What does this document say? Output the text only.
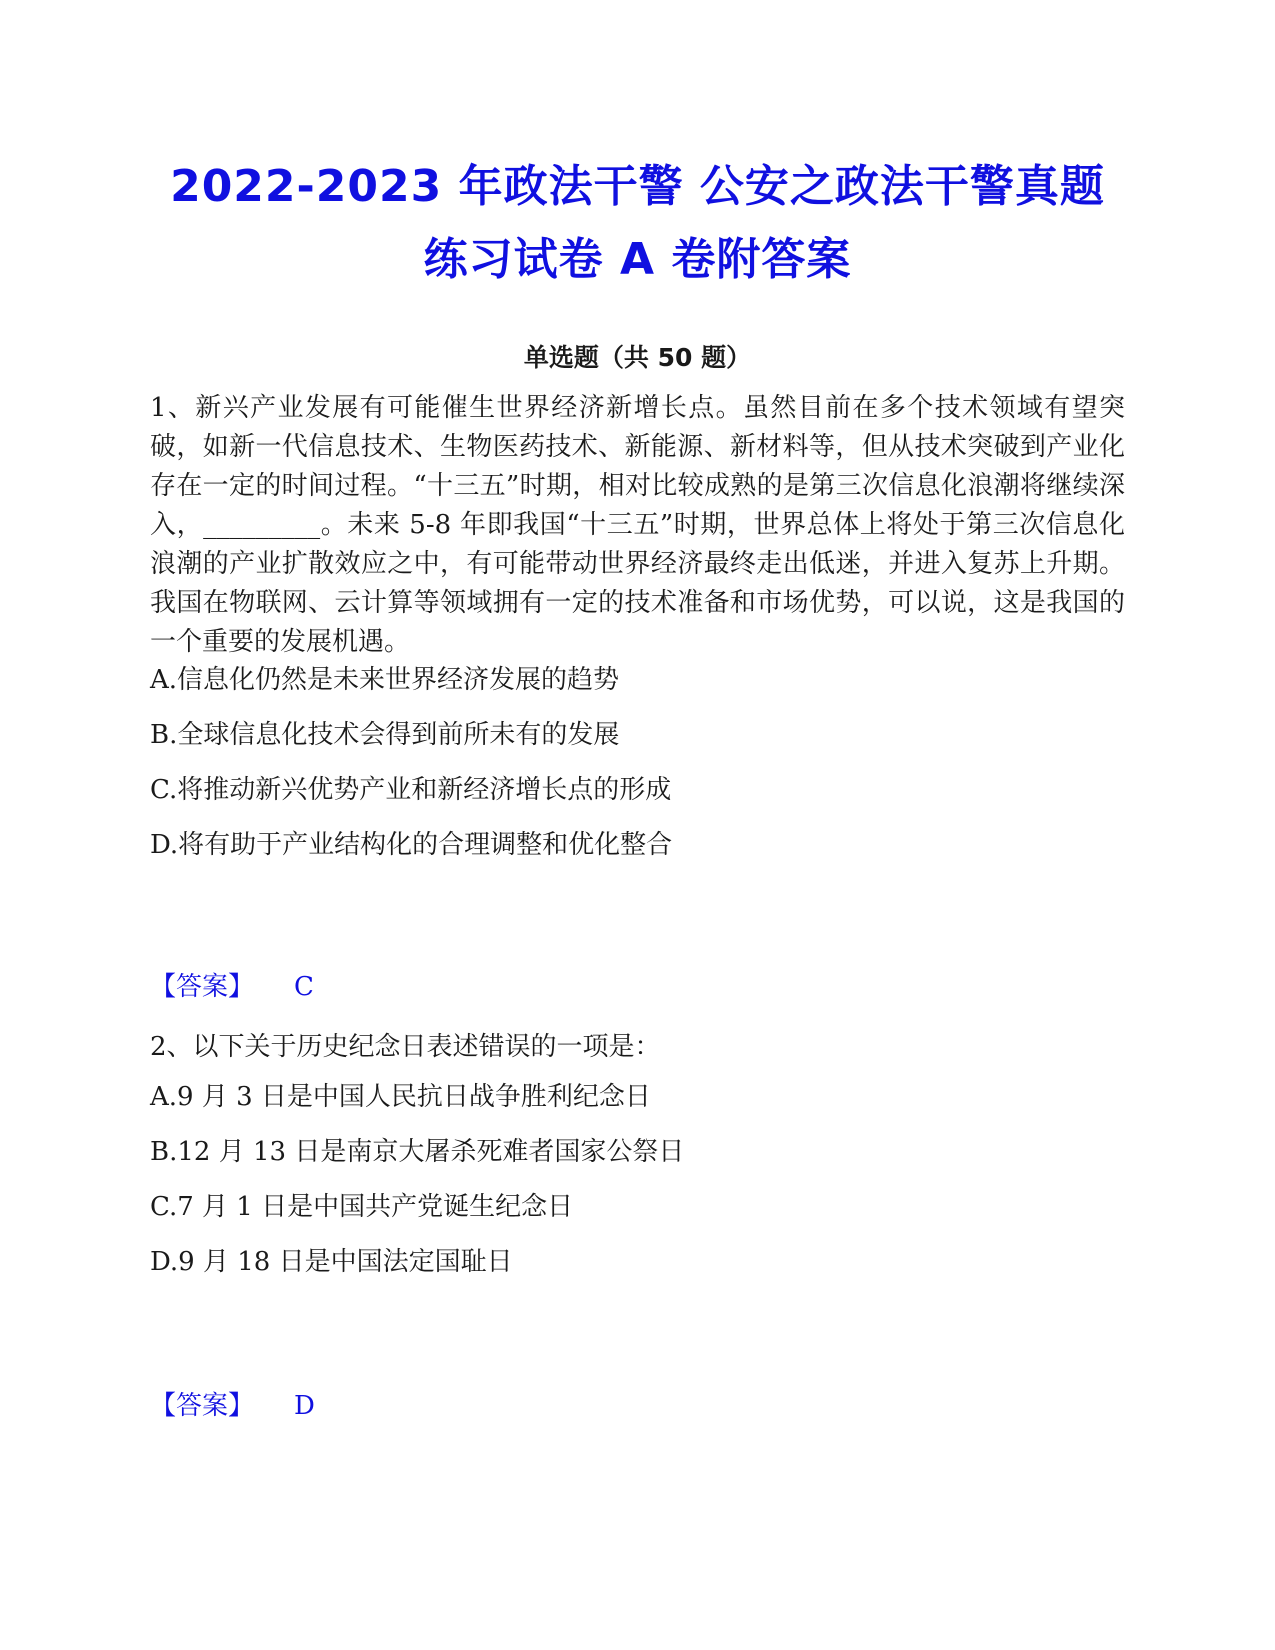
2022-2023 年政法干警 公安之政法干警真题
练习试卷 A 卷附答案
单选题（共 50 题）

1、新兴产业发展有可能催生世界经济新增长点。虽然目前在多个技术领域有望突破，如新一代信息技术、生物医药技术、新能源、新材料等，但从技术突破到产业化存在一定的时间过程。“十三五”时期，相对比较成熟的是第三次信息化浪潮将继续深入，_________。未来 5-8 年即我国“十三五”时期，世界总体上将处于第三次信息化浪潮的产业扩散效应之中，有可能带动世界经济最终走出低迷，并进入复苏上升期。我国在物联网、云计算等领域拥有一定的技术准备和市场优势，可以说，这是我国的一个重要的发展机遇。

A.信息化仍然是未来世界经济发展的趋势

B.全球信息化技术会得到前所未有的发展

C.将推动新兴优势产业和新经济增长点的形成

D.将有助于产业结构化的合理调整和优化整合

【答案】 C

2、以下关于历史纪念日表述错误的一项是：

A.9 月 3 日是中国人民抗日战争胜利纪念日

B.12 月 13 日是南京大屠杀死难者国家公祭日

C.7 月 1 日是中国共产党诞生纪念日

D.9 月 18 日是中国法定国耻日

【答案】 D
